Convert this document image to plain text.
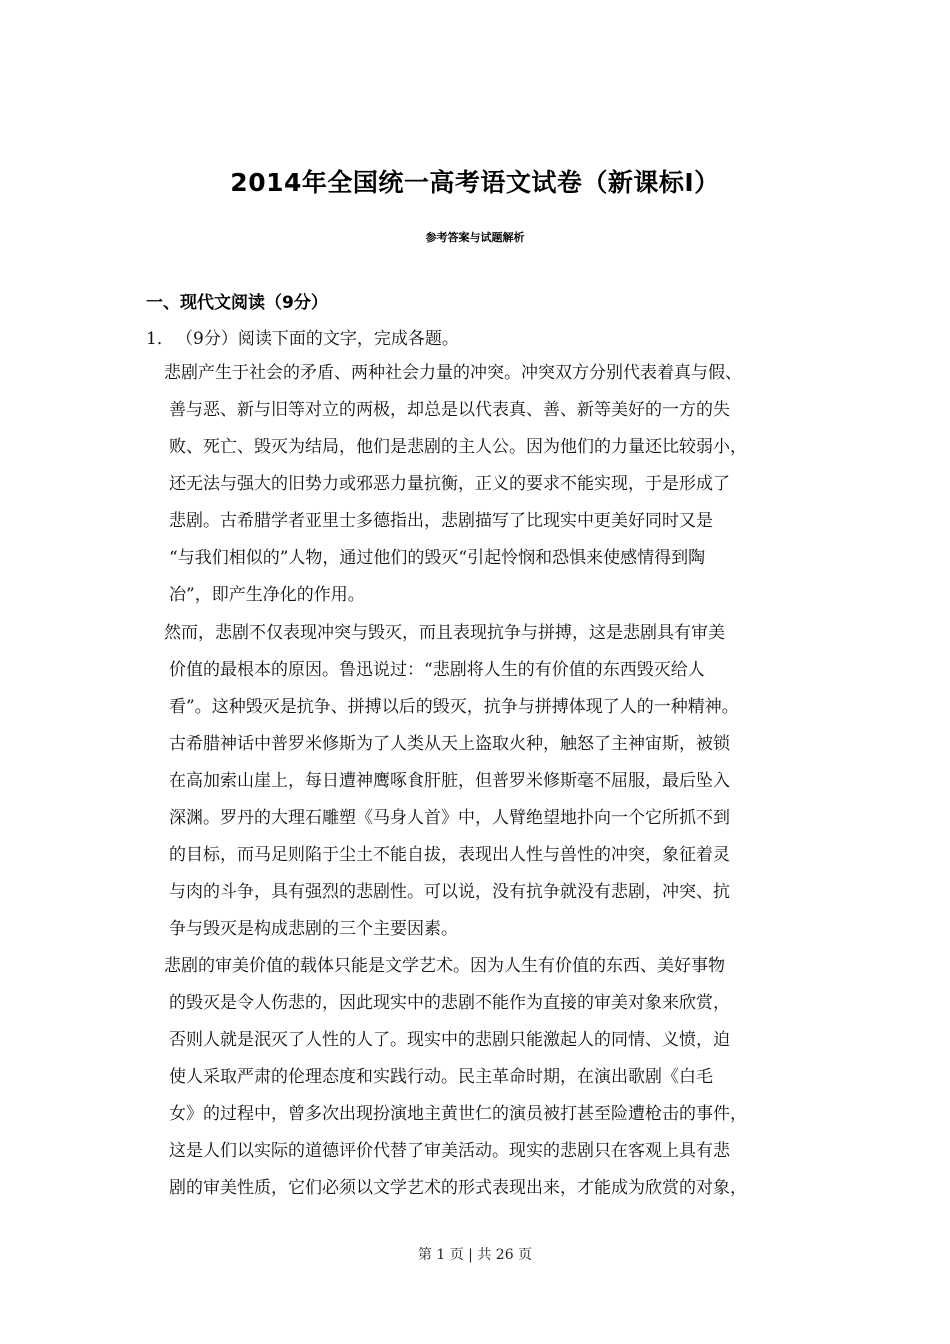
2014年全国统一高考语文试卷（新课标Ⅰ）
参考答案与试题解析
一、现代文阅读（9分）
1． （9分）阅读下面的文字，完成各题。
悲剧产生于社会的矛盾、两种社会力量的冲突。冲突双方分别代表着真与假、
善与恶、新与旧等对立的两极，却总是以代表真、善、新等美好的一方的失
败、死亡、毁灭为结局，他们是悲剧的主人公。因为他们的力量还比较弱小，
还无法与强大的旧势力或邪恶力量抗衡，正义的要求不能实现，于是形成了
悲剧。古希腊学者亚里士多德指出，悲剧描写了比现实中更美好同时又是
“与我们相似的”人物，通过他们的毁灭“引起怜悯和恐惧来使感情得到陶
冶”，即产生净化的作用。
然而，悲剧不仅表现冲突与毁灭，而且表现抗争与拼搏，这是悲剧具有审美
价值的最根本的原因。鲁迅说过：“悲剧将人生的有价值的东西毁灭给人
看”。这种毁灭是抗争、拼搏以后的毁灭，抗争与拼搏体现了人的一种精神。
古希腊神话中普罗米修斯为了人类从天上盗取火种，触怒了主神宙斯，被锁
在高加索山崖上，每日遭神鹰啄食肝脏，但普罗米修斯毫不屈服，最后坠入
深渊。罗丹的大理石雕塑《马身人首》中，人臂绝望地扑向一个它所抓不到
的目标，而马足则陷于尘土不能自拔，表现出人性与兽性的冲突，象征着灵
与肉的斗争，具有强烈的悲剧性。可以说，没有抗争就没有悲剧，冲突、抗
争与毁灭是构成悲剧的三个主要因素。
悲剧的审美价值的载体只能是文学艺术。因为人生有价值的东西、美好事物
的毁灭是令人伤悲的，因此现实中的悲剧不能作为直接的审美对象来欣赏，
否则人就是泯灭了人性的人了。现实中的悲剧只能激起人的同情、义愤，迫
使人采取严肃的伦理态度和实践行动。民主革命时期，在演出歌剧《白毛
女》的过程中，曾多次出现扮演地主黄世仁的演员被打甚至险遭枪击的事件，
这是人们以实际的道德评价代替了审美活动。现实的悲剧只在客观上具有悲
剧的审美性质，它们必须以文学艺术的形式表现出来，才能成为欣赏的对象，
第 1 页 | 共 26 页
